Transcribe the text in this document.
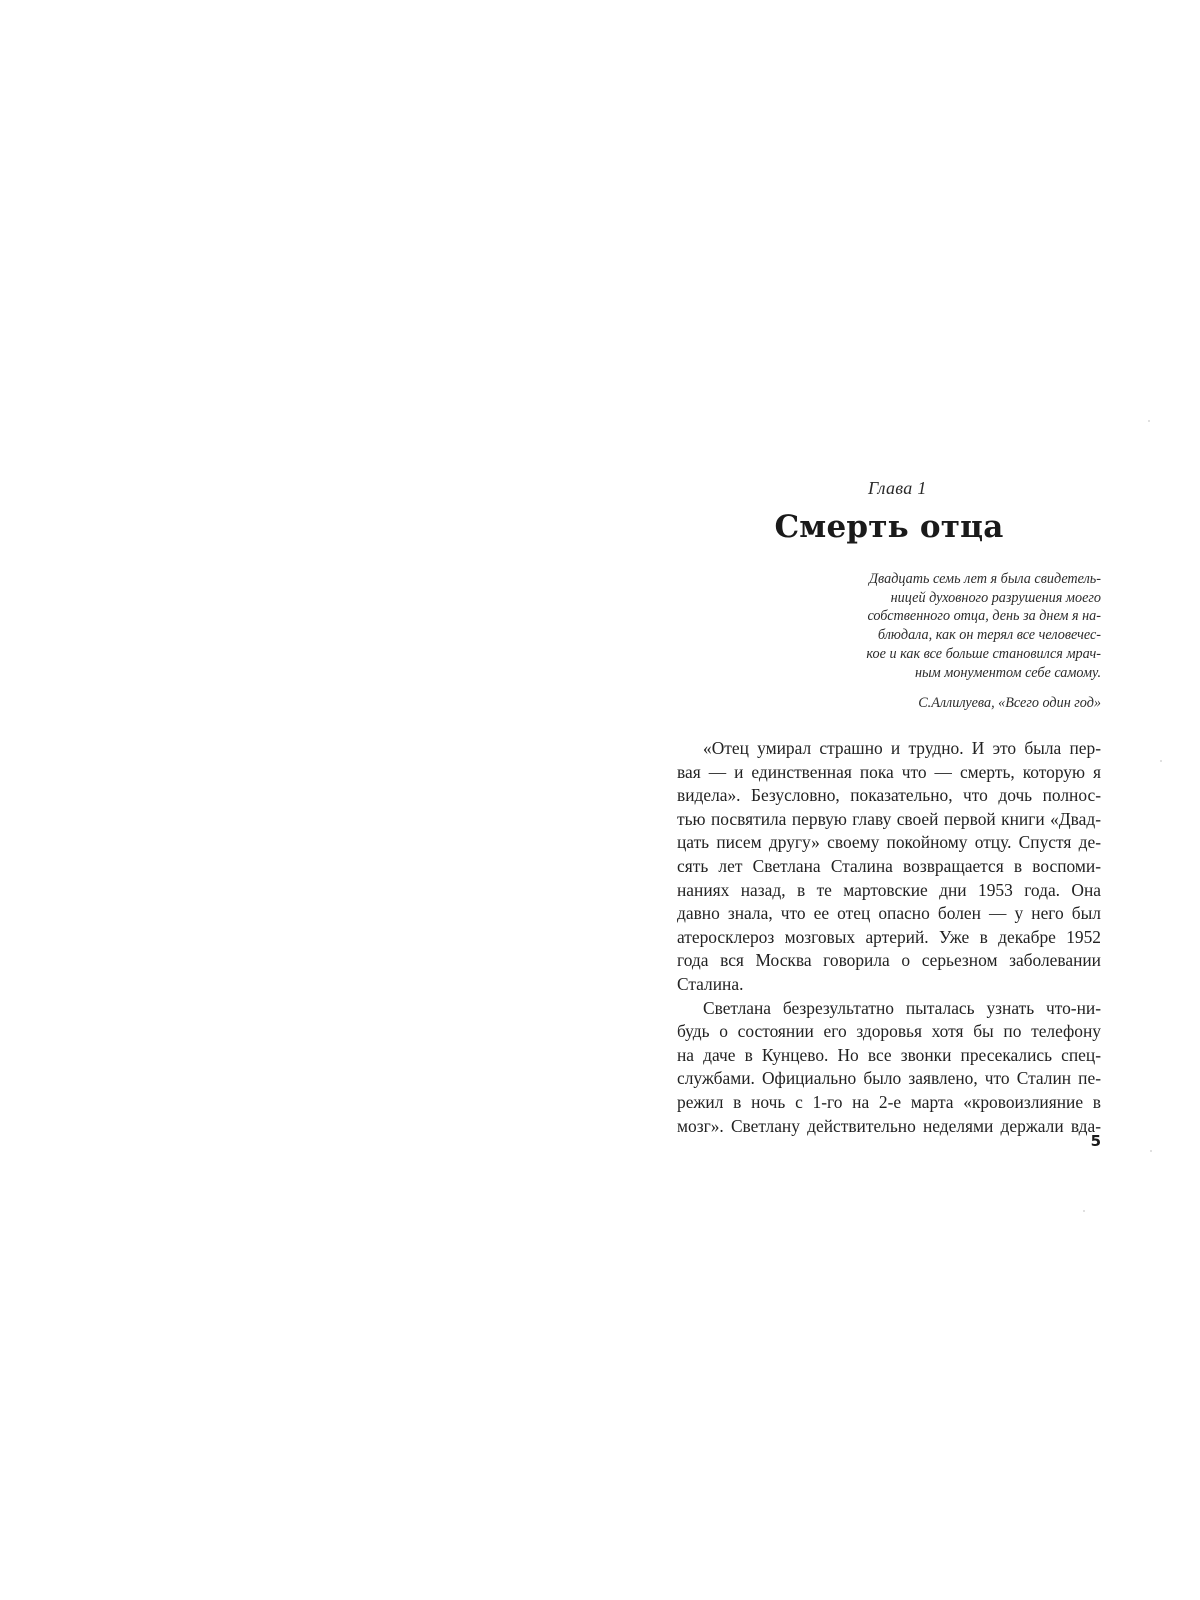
Глава 1
Смерть отца
Двадцать семь лет я была свидетель-
ницей духовного разрушения моего
собственного отца, день за днем я на-
блюдала, как он терял все человечес-
кое и как все больше становился мрач-
ным монументом себе самому.
С.Аллилуева, «Всего один год»
«Отец умирал страшно и трудно. И это была пер-
вая — и единственная пока что — смерть, которую я
видела». Безусловно, показательно, что дочь полнос-
тью посвятила первую главу своей первой книги «Двад-
цать писем другу» своему покойному отцу. Спустя де-
сять лет Светлана Сталина возвращается в воспоми-
наниях назад, в те мартовские дни 1953 года. Она
давно знала, что ее отец опасно болен — у него был
атеросклероз мозговых артерий. Уже в декабре 1952
года вся Москва говорила о серьезном заболевании
Сталина.
Светлана безрезультатно пыталась узнать что-ни-
будь о состоянии его здоровья хотя бы по телефону
на даче в Кунцево. Но все звонки пресекались спец-
службами. Официально было заявлено, что Сталин пе-
режил в ночь с 1-го на 2-е марта «кровоизлияние в
мозг». Светлану действительно неделями держали вда-
5
